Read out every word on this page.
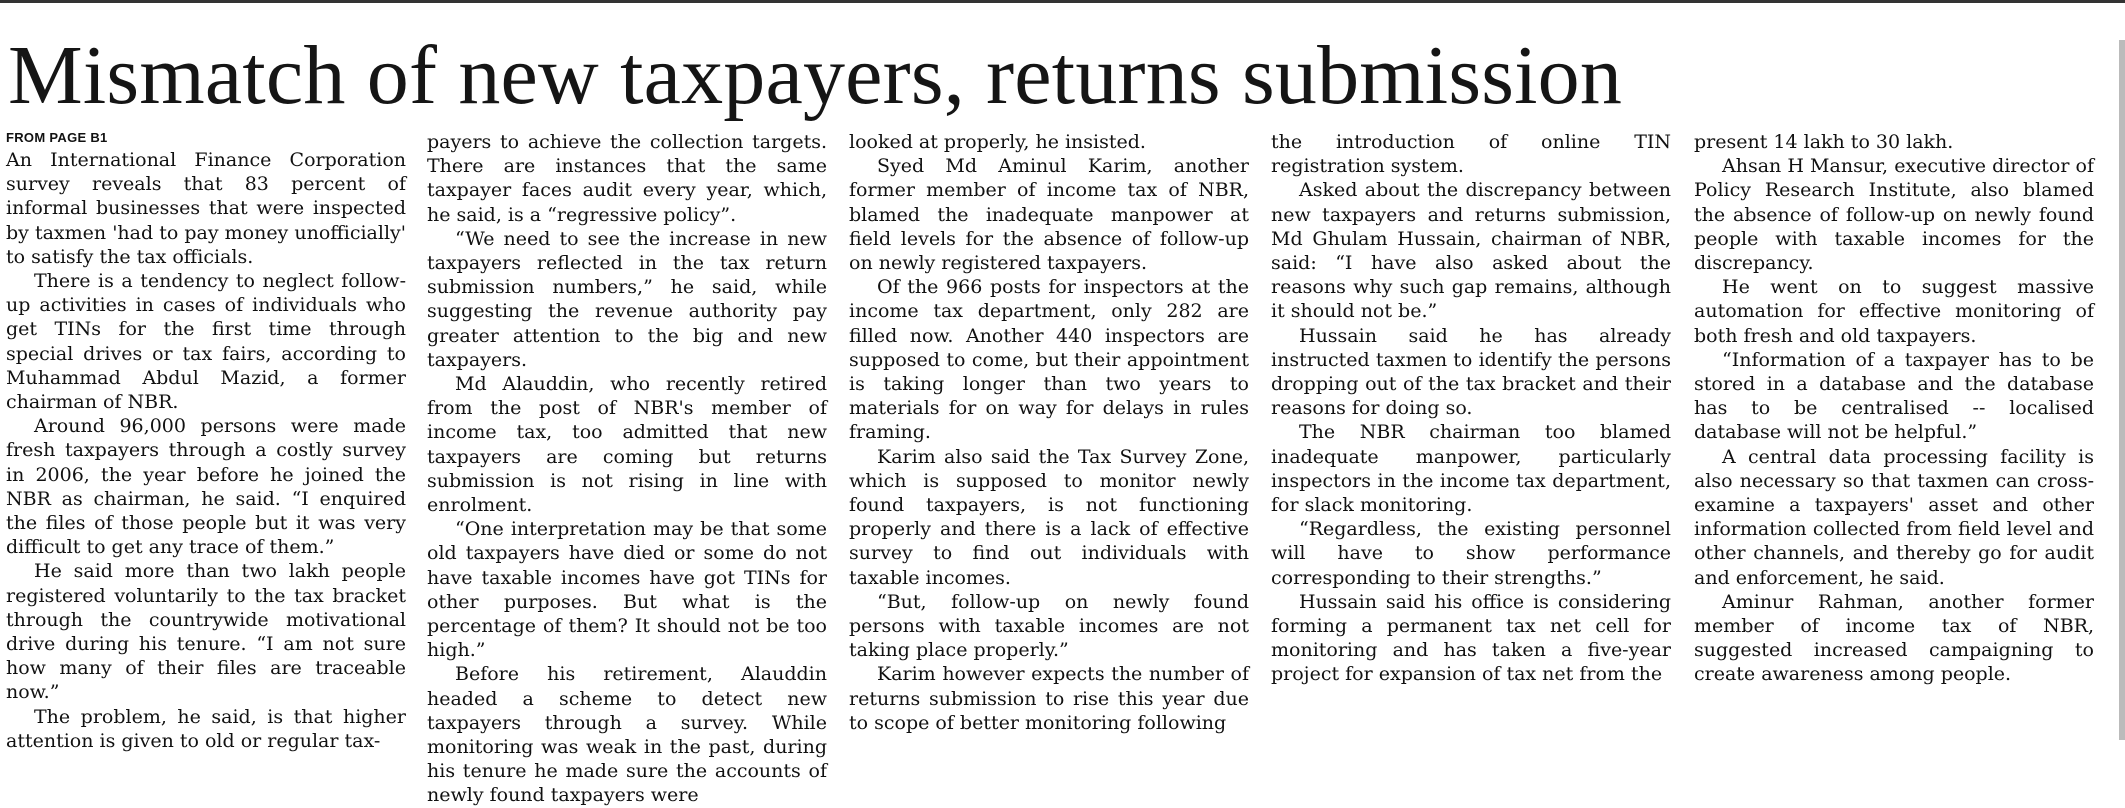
Mismatch of new taxpayers, returns submission
FROM PAGE B1

An International Finance Corporation survey reveals that 83 percent of informal businesses that were inspected by taxmen 'had to pay money unofficially' to satisfy the tax officials.

There is a tendency to neglect follow-up activities in cases of individuals who get TINs for the first time through special drives or tax fairs, according to Muhammad Abdul Mazid, a former chairman of NBR.

Around 96,000 persons were made fresh taxpayers through a costly survey in 2006, the year before he joined the NBR as chairman, he said. “I enquired the files of those people but it was very difficult to get any trace of them.”

He said more than two lakh people registered voluntarily to the tax bracket through the countrywide motivational drive during his tenure. “I am not sure how many of their files are traceable now.”

The problem, he said, is that higher attention is given to old or regular tax-

payers to achieve the collection targets. There are instances that the same taxpayer faces audit every year, which, he said, is a “regressive policy”.

“We need to see the increase in new taxpayers reflected in the tax return submission numbers,” he said, while suggesting the revenue authority pay greater attention to the big and new taxpayers.

Md Alauddin, who recently retired from the post of NBR's member of income tax, too admitted that new taxpayers are coming but returns submission is not rising in line with enrolment.

“One interpretation may be that some old taxpayers have died or some do not have taxable incomes have got TINs for other purposes. But what is the percentage of them? It should not be too high.”

Before his retirement, Alauddin headed a scheme to detect new taxpayers through a survey. While monitoring was weak in the past, during his tenure he made sure the accounts of newly found taxpayers were

looked at properly, he insisted.

Syed Md Aminul Karim, another former member of income tax of NBR, blamed the inadequate manpower at field levels for the absence of follow-up on newly registered taxpayers.

Of the 966 posts for inspectors at the income tax department, only 282 are filled now. Another 440 inspectors are supposed to come, but their appointment is taking longer than two years to materials for on way for delays in rules framing.

Karim also said the Tax Survey Zone, which is supposed to monitor newly found taxpayers, is not functioning properly and there is a lack of effective survey to find out individuals with taxable incomes.

“But, follow-up on newly found persons with taxable incomes are not taking place properly.”

Karim however expects the number of returns submission to rise this year due to scope of better monitoring following

the introduction of online TIN registration system.

Asked about the discrepancy between new taxpayers and returns submission, Md Ghulam Hussain, chairman of NBR, said: “I have also asked about the reasons why such gap remains, although it should not be.”

Hussain said he has already instructed taxmen to identify the persons dropping out of the tax bracket and their reasons for doing so.

The NBR chairman too blamed inadequate manpower, particularly inspectors in the income tax department, for slack monitoring.

“Regardless, the existing personnel will have to show performance corresponding to their strengths.”

Hussain said his office is considering forming a permanent tax net cell for monitoring and has taken a five-year project for expansion of tax net from the

present 14 lakh to 30 lakh.

Ahsan H Mansur, executive director of Policy Research Institute, also blamed the absence of follow-up on newly found people with taxable incomes for the discrepancy.

He went on to suggest massive automation for effective monitoring of both fresh and old taxpayers.

“Information of a taxpayer has to be stored in a database and the database has to be centralised -- localised database will not be helpful.”

A central data processing facility is also necessary so that taxmen can cross-examine a taxpayers' asset and other information collected from field level and other channels, and thereby go for audit and enforcement, he said.

Aminur Rahman, another former member of income tax of NBR, suggested increased campaigning to create awareness among people.
